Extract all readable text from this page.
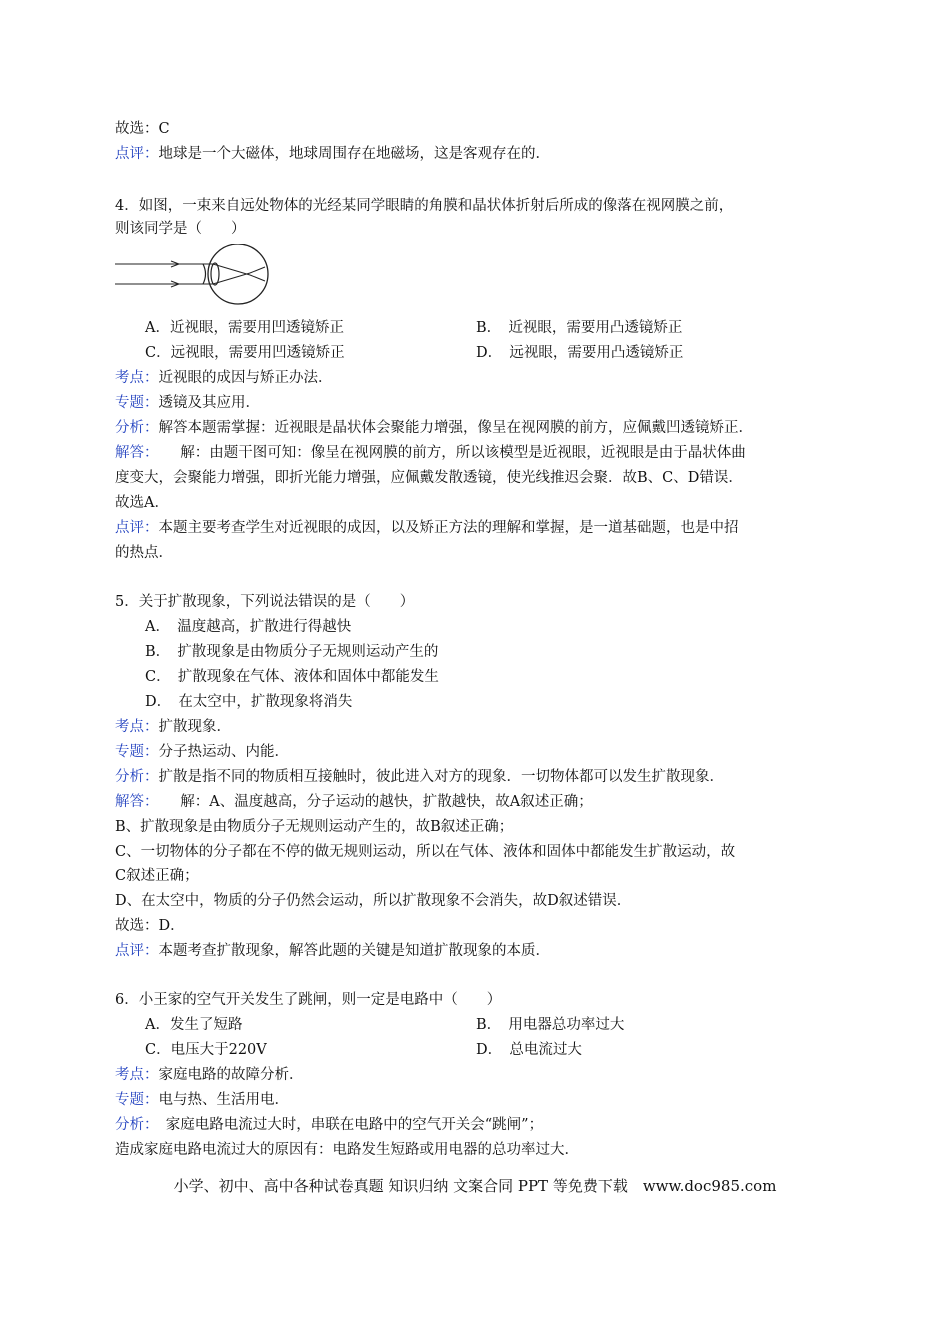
故选：C
点评：地球是一个大磁体，地球周围存在地磁场，这是客观存在的．
4．如图，一束来自远处物体的光经某同学眼睛的角膜和晶状体折射后所成的像落在视网膜之前，
则该同学是（　　）
A．近视眼，需要用凹透镜矫正	B．　近视眼，需要用凸透镜矫正
C．远视眼，需要用凹透镜矫正	D．　远视眼，需要用凸透镜矫正
考点：近视眼的成因与矫正办法．
专题：透镜及其应用．
分析：解答本题需掌握：近视眼是晶状体会聚能力增强，像呈在视网膜的前方，应佩戴凹透镜矫正．
解答：　　解：由题干图可知：像呈在视网膜的前方，所以该模型是近视眼，近视眼是由于晶状体曲
度变大，会聚能力增强，即折光能力增强，应佩戴发散透镜，使光线推迟会聚．故B、C、D错误．
故选A．
点评：本题主要考查学生对近视眼的成因，以及矫正方法的理解和掌握，是一道基础题，也是中招
的热点．
5．关于扩散现象，下列说法错误的是（　　）
A．　温度越高，扩散进行得越快
B．　扩散现象是由物质分子无规则运动产生的
C．　扩散现象在气体、液体和固体中都能发生
D．　在太空中，扩散现象将消失
考点：扩散现象．
专题：分子热运动、内能．
分析：扩散是指不同的物质相互接触时，彼此进入对方的现象．一切物体都可以发生扩散现象．
解答：　　解：A、温度越高，分子运动的越快，扩散越快，故A叙述正确；
B、扩散现象是由物质分子无规则运动产生的，故B叙述正确；
C、一切物体的分子都在不停的做无规则运动，所以在气体、液体和固体中都能发生扩散运动，故
C叙述正确；
D、在太空中，物质的分子仍然会运动，所以扩散现象不会消失，故D叙述错误．
故选：D．
点评：本题考查扩散现象，解答此题的关键是知道扩散现象的本质．
6．小王家的空气开关发生了跳闸，则一定是电路中（　　）
A．发生了短路	B．　用电器总功率过大
C．电压大于220V	D．　总电流过大
考点：家庭电路的故障分析．
专题：电与热、生活用电．
分析：　家庭电路电流过大时，串联在电路中的空气开关会“跳闸”；
造成家庭电路电流过大的原因有：电路发生短路或用电器的总功率过大．
小学、初中、高中各种试卷真题 知识归纳 文案合同 PPT 等免费下载　www.doc985.com
